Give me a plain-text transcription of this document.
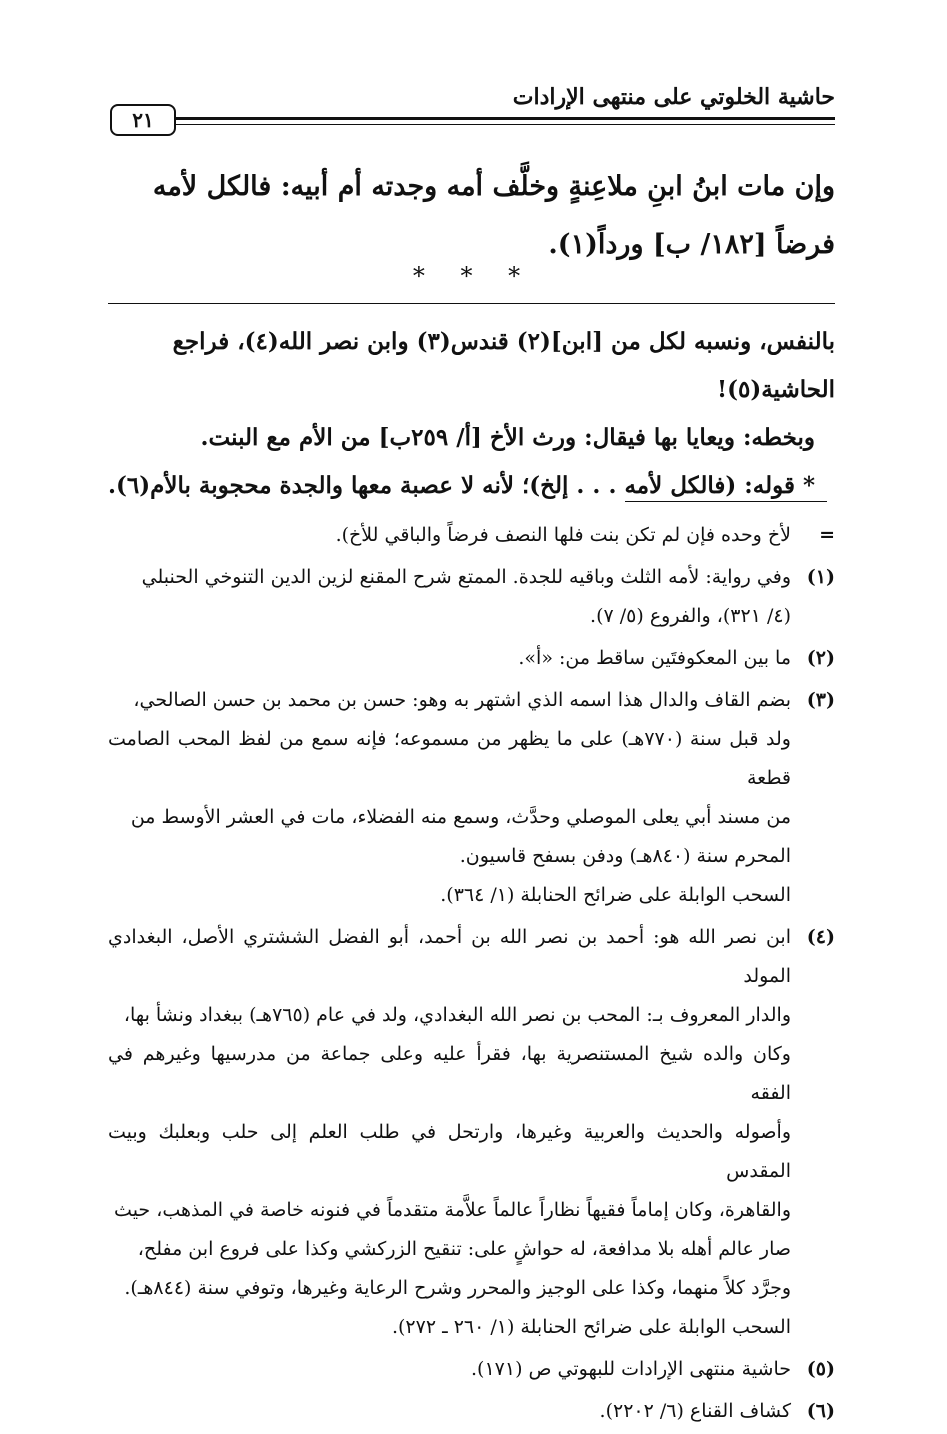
حاشية الخلوتي على منتهى الإرادات
٢١
وإن مات ابنُ ابنِ ملاعِنةٍ وخلَّف أمه وجدته أم أبيه: فالكل لأمه
فرضاً [١٨٢/ ب] ورداً(١).
* * *

بالنفس، ونسبه لكل من [ابن](٢) قندس(٣) وابن نصر الله(٤)، فراجع الحاشية(٥)!

وبخطه: ويعايا بها فيقال: ورث الأخ [أ/ ٢٥٩ب] من الأم مع البنت.

* قوله: (فالكل لأمه . . . إلخ)؛ لأنه لا عصبة معها والجدة محجوبة بالأم(٦).

=
لأخ وحده فإن لم تكن بنت فلها النصف فرضاً والباقي للأخ).
(١)
وفي رواية: لأمه الثلث وباقيه للجدة. الممتع شرح المقنع لزين الدين التنوخي الحنبلي
(٤/ ٣٢١)، والفروع (٥/ ٧).
(٢)
ما بين المعكوفتَين ساقط من: «أ».
(٣)
بضم القاف والدال هذا اسمه الذي اشتهر به وهو: حسن بن محمد بن حسن الصالحي،
ولد قبل سنة (٧٧٠هـ) على ما يظهر من مسموعه؛ فإنه سمع من لفظ المحب الصامت قطعة
من مسند أبي يعلى الموصلي وحدَّث، وسمع منه الفضلاء، مات في العشر الأوسط من
المحرم سنة (٨٤٠هـ) ودفن بسفح قاسيون.
السحب الوابلة على ضرائح الحنابلة (١/ ٣٦٤).
(٤)
ابن نصر الله هو: أحمد بن نصر الله بن أحمد، أبو الفضل الششتري الأصل، البغدادي المولد
والدار المعروف بـ: المحب بن نصر الله البغدادي، ولد في عام (٧٦٥هـ) ببغداد ونشأ بها،
وكان والده شيخ المستنصرية بها، فقرأ عليه وعلى جماعة من مدرسيها وغيرهم في الفقه
وأصوله والحديث والعربية وغيرها، وارتحل في طلب العلم إلى حلب وبعلبك وبيت المقدس
والقاهرة، وكان إماماً فقيهاً نظاراً عالماً علاَّمة متقدماً في فنونه خاصة في المذهب، حيث
صار عالم أهله بلا مدافعة، له حواشٍ على: تنقيح الزركشي وكذا على فروع ابن مفلح،
وجرَّد كلاً منهما، وكذا على الوجيز والمحرر وشرح الرعاية وغيرها، وتوفي سنة (٨٤٤هـ).
السحب الوابلة على ضرائح الحنابلة (١/ ٢٦٠ ـ ٢٧٢).
(٥)
حاشية منتهى الإرادات للبهوتي ص (١٧١).
(٦)
كشاف القناع (٦/ ٢٢٠٢).
